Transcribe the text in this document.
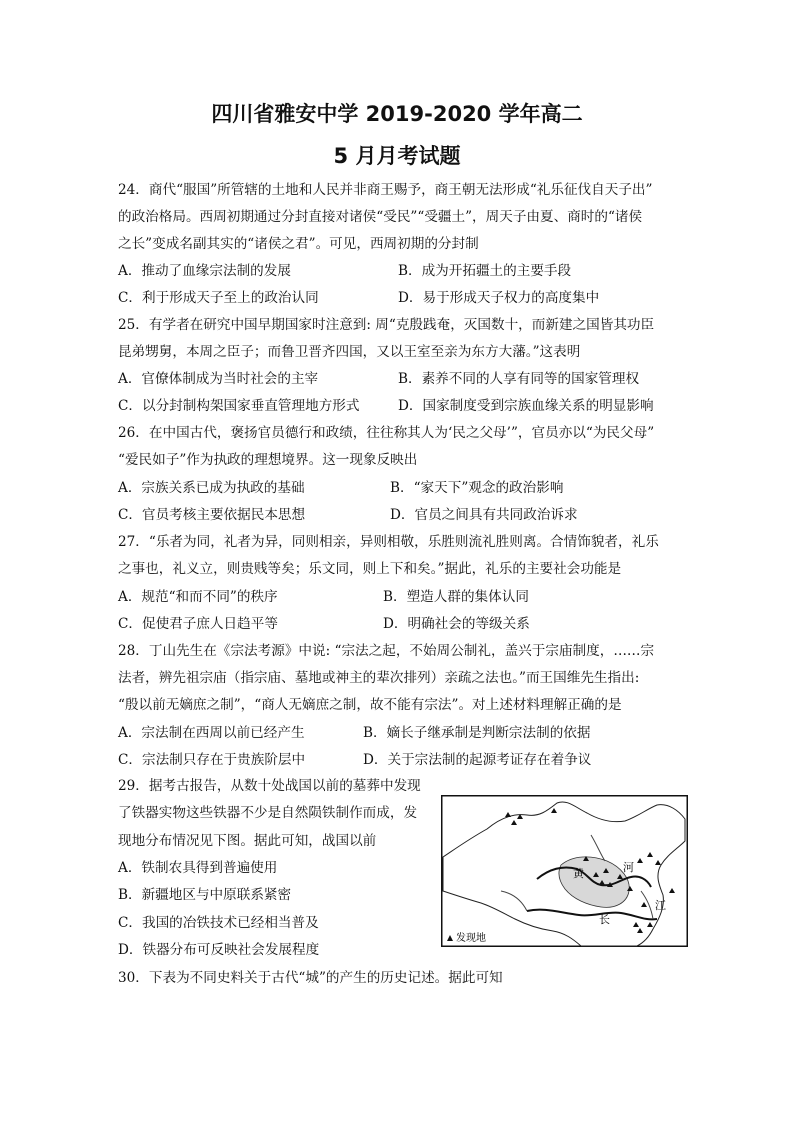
四川省雅安中学 2019-2020 学年高二
5 月月考试题
24．商代“服国”所管辖的土地和人民并非商王赐予，商王朝无法形成“礼乐征伐自天子出”
的政治格局。西周初期通过分封直接对诸侯“受民”“受疆土”，周天子由夏、商时的“诸侯
之长”变成名副其实的“诸侯之君”。可见，西周初期的分封制
A．推动了血缘宗法制的发展	B．成为开拓疆土的主要手段
C．利于形成天子至上的政治认同	D．易于形成天子权力的高度集中
25．有学者在研究中国早期国家时注意到: 周“克殷践奄，灭国数十，而新建之国皆其功臣
昆弟甥舅，本周之臣子；而鲁卫晋齐四国，又以王室至亲为东方大藩。”这表明
A．官僚体制成为当时社会的主宰	B．素养不同的人享有同等的国家管理权
C．以分封制构架国家垂直管理地方形式	D．国家制度受到宗族血缘关系的明显影响
26．在中国古代，褒扬官员德行和政绩，往往称其人为‘民之父母’”，官员亦以“为民父母”
“爱民如子”作为执政的理想境界。这一现象反映出
A．宗族关系已成为执政的基础	B．“家天下”观念的政治影响
C．官员考核主要依据民本思想	D．官员之间具有共同政治诉求
27．“乐者为同，礼者为异，同则相亲，异则相敬，乐胜则流礼胜则离。合情饰貌者，礼乐
之事也，礼义立，则贵贱等矣；乐文同，则上下和矣。”据此，礼乐的主要社会功能是
A．规范“和而不同”的秩序	B．塑造人群的集体认同
C．促使君子庶人日趋平等	D．明确社会的等级关系
28．丁山先生在《宗法考源》中说: “宗法之起，不始周公制礼，盖兴于宗庙制度，……宗
法者，辨先祖宗庙（指宗庙、墓地或神主的辈次排列）亲疏之法也。”而王国维先生指出:
“殷以前无嫡庶之制”，“商人无嫡庶之制，故不能有宗法”。对上述材料理解正确的是
A．宗法制在西周以前已经产生	B．嫡长子继承制是判断宗法制的依据
C．宗法制只存在于贵族阶层中	D．关于宗法制的起源考证存在着争议
29．据考古报告，从数十处战国以前的墓葬中发现
了铁器实物这些铁器不少是自然陨铁制作而成，发
现地分布情况见下图。据此可知，战国以前
A．铁制农具得到普遍使用
B．新疆地区与中原联系紧密
C．我国的冶铁技术已经相当普及
D．铁器分布可反映社会发展程度
黄	河
长
江
发现地
30．下表为不同史料关于古代“城”的产生的历史记述。据此可知
